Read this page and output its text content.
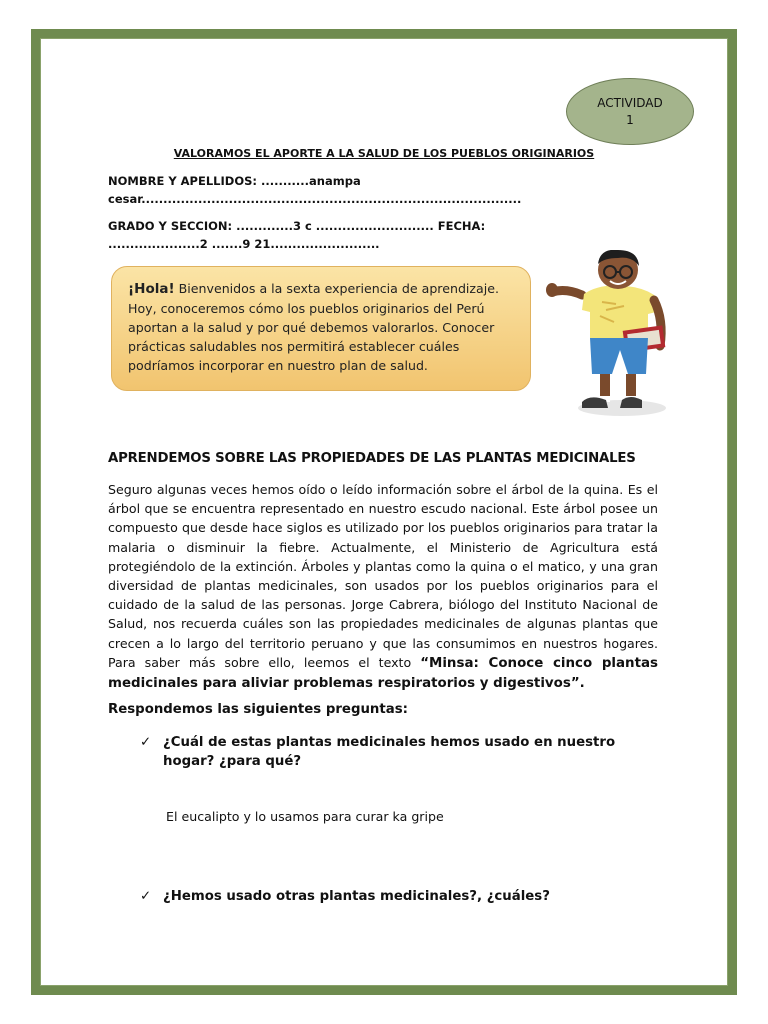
ACTIVIDAD
1
VALORAMOS EL APORTE A LA SALUD DE LOS PUEBLOS ORIGINARIOS
NOMBRE Y APELLIDOS: ...........anampa cesar.......................................................................................
GRADO Y SECCION: .............3 c ........................... FECHA: .....................2 .......9 21.........................
¡Hola! Bienvenidos a la sexta experiencia de aprendizaje. Hoy, conoceremos cómo los pueblos originarios del Perú aportan a la salud y por qué debemos valorarlos. Conocer prácticas saludables nos permitirá establecer cuáles podríamos incorporar en nuestro plan de salud.
APRENDEMOS SOBRE LAS PROPIEDADES DE LAS PLANTAS MEDICINALES
Seguro algunas veces hemos oído o leído información sobre el árbol de la quina. Es el árbol que se encuentra representado en nuestro escudo nacional. Este árbol posee un compuesto que desde hace siglos es utilizado por los pueblos originarios para tratar la malaria o disminuir la fiebre. Actualmente, el Ministerio de Agricultura está protegiéndolo de la extinción. Árboles y plantas como la quina o el matico, y una gran diversidad de plantas medicinales, son usados por los pueblos originarios para el cuidado de la salud de las personas. Jorge Cabrera, biólogo del Instituto Nacional de Salud, nos recuerda cuáles son las propiedades medicinales de algunas plantas que crecen a lo largo del territorio peruano y que las consumimos en nuestros hogares. Para saber más sobre ello, leemos el texto “Minsa: Conoce cinco plantas medicinales para aliviar problemas respiratorios y digestivos”.
Respondemos las siguientes preguntas:
✓ ¿Cuál de estas plantas medicinales hemos usado en nuestro hogar? ¿para qué?
El eucalipto y lo usamos para curar ka gripe
✓ ¿Hemos usado otras plantas medicinales?, ¿cuáles?
